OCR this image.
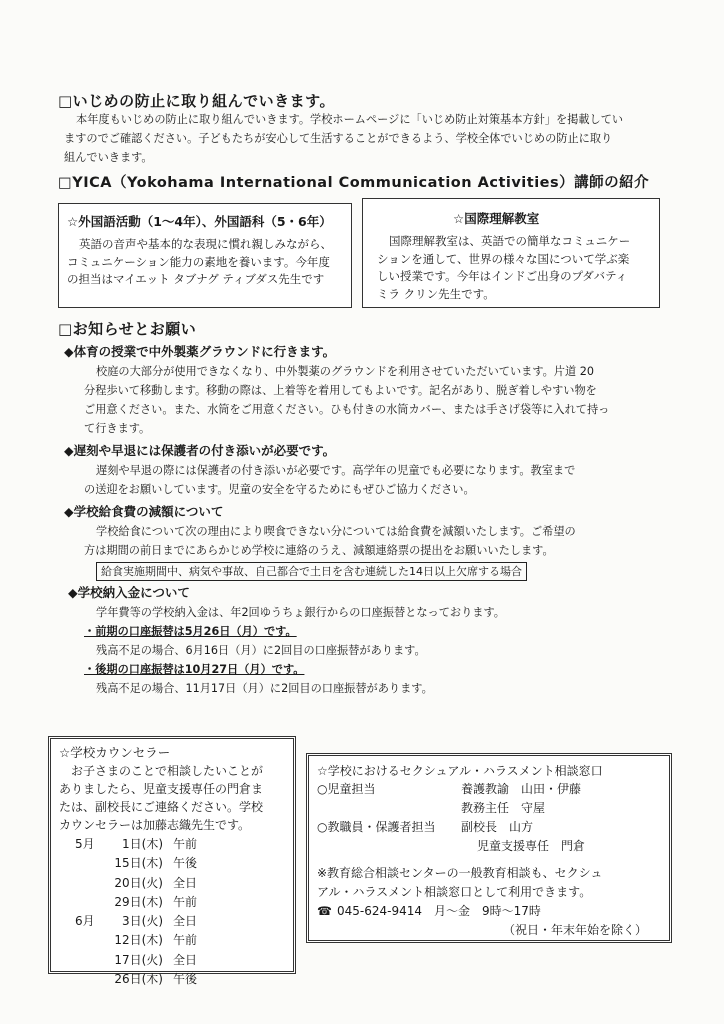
□いじめの防止に取り組んでいきます。
本年度もいじめの防止に取り組んでいきます。学校ホームページに「いじめ防止対策基本方針」を掲載してい
ますのでご確認ください。子どもたちが安心して生活することができるよう、学校全体でいじめの防止に取り
組んでいきます。
□YICA（Yokohama International Communication Activities）講師の紹介
☆外国語活動（1～4年）、外国語科（5・6年）
英語の音声や基本的な表現に慣れ親しみながら、
コミュニケーション能力の素地を養います。今年度
の担当はマイエット タブナグ ティブダス先生です
☆国際理解教室
国際理解教室は、英語での簡単なコミュニケー
ションを通して、世界の様々な国について学ぶ楽
しい授業です。今年はインドご出身のプダバティ
ミラ クリン先生です。
□お知らせとお願い
◆体育の授業で中外製薬グラウンドに行きます。
校庭の大部分が使用できなくなり、中外製薬のグラウンドを利用させていただいています。片道 20
分程歩いて移動します。移動の際は、上着等を着用してもよいです。記名があり、脱ぎ着しやすい物を
ご用意ください。また、水筒をご用意ください。ひも付きの水筒カバー、または手さげ袋等に入れて持っ
て行きます。
◆遅刻や早退には保護者の付き添いが必要です。
遅刻や早退の際には保護者の付き添いが必要です。高学年の児童でも必要になります。教室まで
の送迎をお願いしています。児童の安全を守るためにもぜひご協力ください。
◆学校給食費の減額について
学校給食について次の理由により喫食できない分については給食費を減額いたします。ご希望の
方は期間の前日までにあらかじめ学校に連絡のうえ、減額連絡票の提出をお願いいたします。
給食実施期間中、病気や事故、自己都合で土日を含む連続した14日以上欠席する場合
◆学校納入金について
学年費等の学校納入金は、年2回ゆうちょ銀行からの口座振替となっております。
・前期の口座振替は5月26日（月）です。
残高不足の場合、6月16日（月）に2回目の口座振替があります。
・後期の口座振替は10月27日（月）です。
残高不足の場合、11月17日（月）に2回目の口座振替があります。
☆学校カウンセラー
お子さまのことで相談したいことが
ありましたら、児童支援専任の門倉ま
たは、副校長にご連絡ください。学校
カウンセラーは加藤志織先生です。
5月	1日(木) 午前
15日(木) 午後
20日(火) 全日
29日(木) 午前
6月	3日(火) 全日
12日(木) 午前
17日(火) 全日
26日(木) 午後
☆学校におけるセクシュアル・ハラスメント相談窓口
○児童担当	養護教諭　山田・伊藤
教務主任　守屋
○教職員・保護者担当	副校長　山方
児童支援専任　門倉
※教育総合相談センターの一般教育相談も、セクシュ
アル・ハラスメント相談窓口として利用できます。
☎ 045-624-9414　月～金　9時～17時
（祝日・年末年始を除く）
